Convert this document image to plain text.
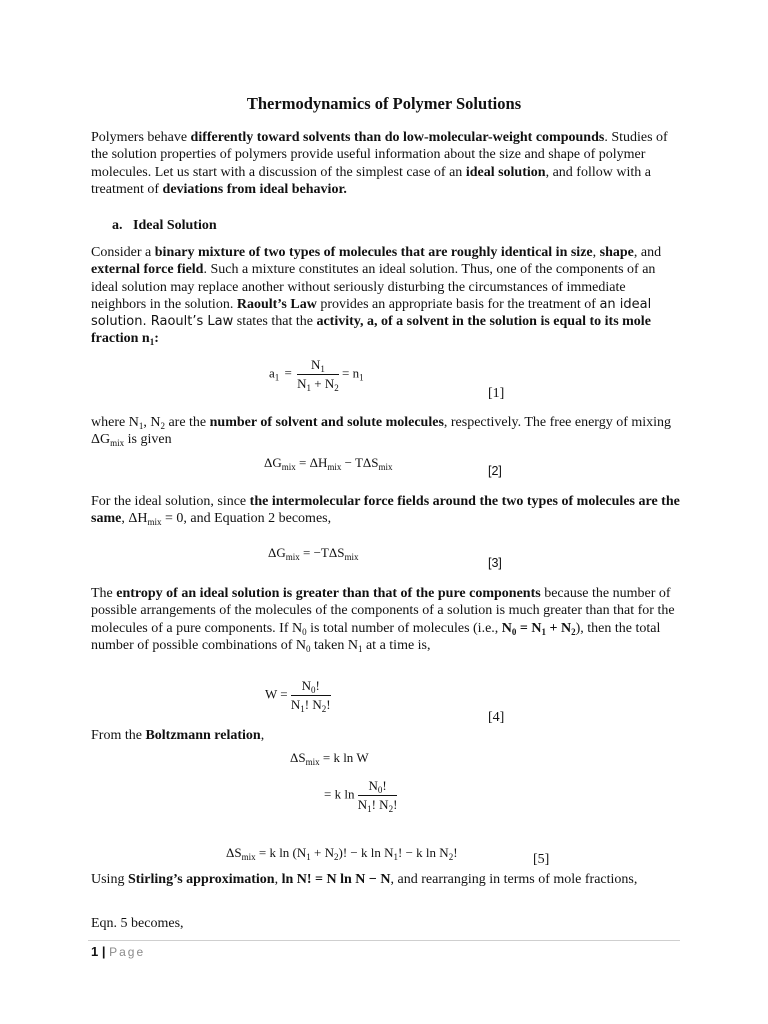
Thermodynamics of Polymer Solutions
Polymers behave differently toward solvents than do low-molecular-weight compounds. Studies of the solution properties of polymers provide useful information about the size and shape of polymer molecules. Let us start with a discussion of the simplest case of an ideal solution, and follow with a treatment of deviations from ideal behavior.
a. Ideal Solution
Consider a binary mixture of two types of molecules that are roughly identical in size, shape, and external force field. Such a mixture constitutes an ideal solution. Thus, one of the components of an ideal solution may replace another without seriously disturbing the circumstances of immediate neighbors in the solution. Raoult’s Law provides an appropriate basis for the treatment of an ideal solution. Raoult’s Law states that the activity, a, of a solvent in the solution is equal to its mole fraction $n_1$:
$a_1 = \frac{N_1}{N_1 + N_2} = n_1$
[1]
where $N_1$, $N_2$ are the number of solvent and solute molecules, respectively. The free energy of mixing $\Delta G_{mix}$ is given
$\Delta G_{mix} = \Delta H_{mix} - T\Delta S_{mix}$	[2]
For the ideal solution, since the intermolecular force fields around the two types of molecules are the same, $\Delta H_{mix} = 0$, and Equation 2 becomes,
$\Delta G_{mix} = -T\Delta S_{mix}$	[3]
The entropy of an ideal solution is greater than that of the pure components because the number of possible arrangements of the molecules of the components of a solution is much greater than that for the molecules of a pure components. If $N_0$ is total number of molecules (i.e., $N_0 = N_1 + N_2$), then the total number of possible combinations of $N_0$ taken $N_1$ at a time is,
$W = \frac{N_0!}{N_1! N_2!}$
[4]
From the Boltzmann relation,
$\Delta S_{mix} = k$ ln W
= k $\ln \frac{N_0!}{N_1! N_2!}$
$\Delta S_{mix} = k$ $\ln (N_1 + N_2)$! − k $\ln N_1$! − k $\ln N_2$!	[5]
Using Stirling’s approximation, ln N! = N ln N − N, and rearranging in terms of mole fractions,
Eqn. 5 becomes,
1 | Page
